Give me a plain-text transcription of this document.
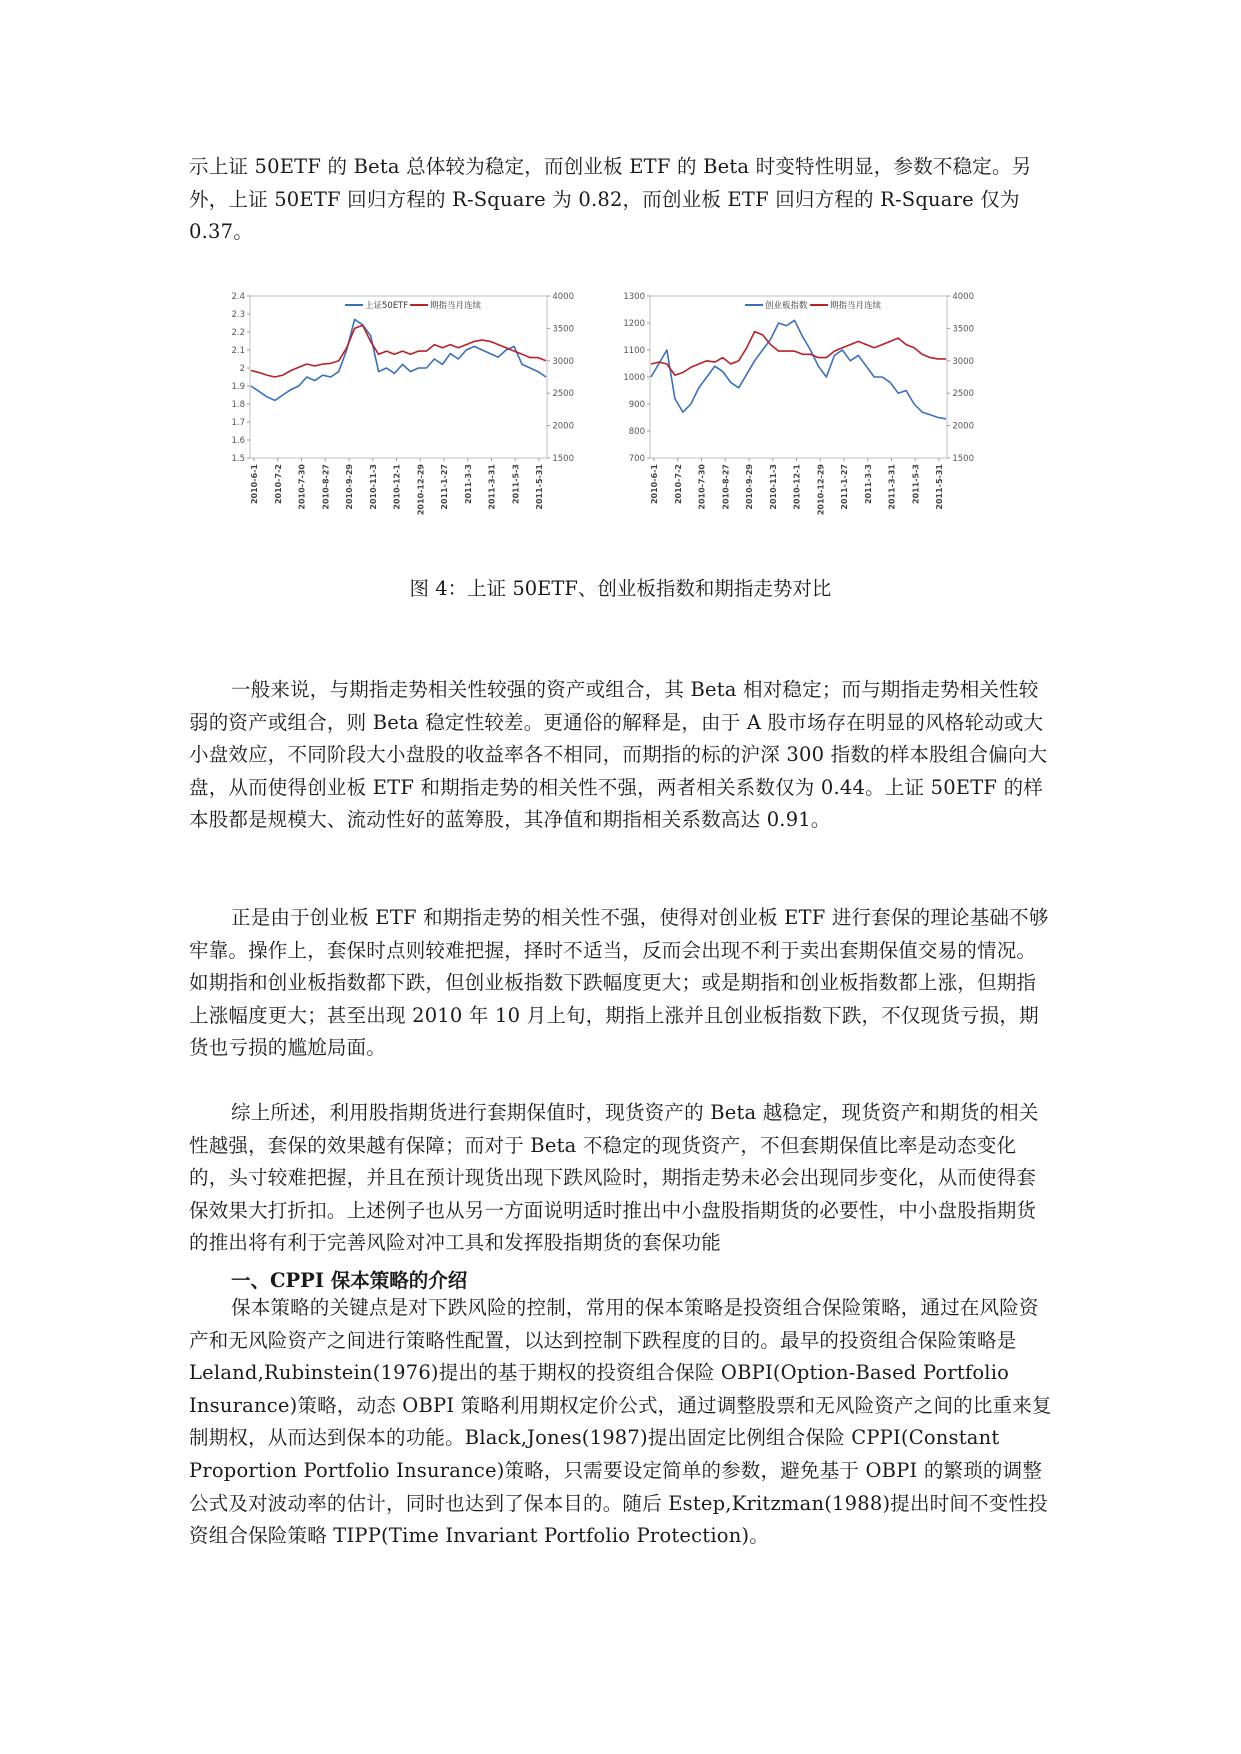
示上证 50ETF 的 Beta 总体较为稳定，而创业板 ETF 的 Beta 时变特性明显，参数不稳定。另外，上证 50ETF 回归方程的 R-Square 为 0.82，而创业板 ETF 回归方程的 R-Square 仅为 0.37。

2.4
2.3
2.2
2.1
2
1.9
1.8
1.7
1.6
1.5
4000
3500
3000
2500
2000
1500
2010-6-1 2010-7-2 2010-7-30 2010-8-27 2010-9-29 2010-11-3 2010-12-1 2010-12-29 2011-1-27 2011-3-3 2011-3-31 2011-5-3 2011-5-31
上证50ETF	期指当月连续
1300
1200
1100
1000
900
800
700
4000
3500
3000
2500
2000
1500
2010-6-1 2010-7-2 2010-7-30 2010-8-27 2010-9-29 2010-11-3 2010-12-1 2010-12-29 2011-1-27 2011-3-3 2011-3-31 2011-5-3 2011-5-31
创业板指数	期指当月连续
图 4：上证 50ETF、创业板指数和期指走势对比

一般来说，与期指走势相关性较强的资产或组合，其 Beta 相对稳定；而与期指走势相关性较弱的资产或组合，则 Beta 稳定性较差。更通俗的解释是，由于 A 股市场存在明显的风格轮动或大小盘效应，不同阶段大小盘股的收益率各不相同，而期指的标的沪深 300 指数的样本股组合偏向大盘，从而使得创业板 ETF 和期指走势的相关性不强，两者相关系数仅为 0.44。上证 50ETF 的样本股都是规模大、流动性好的蓝筹股，其净值和期指相关系数高达 0.91。

正是由于创业板 ETF 和期指走势的相关性不强，使得对创业板 ETF 进行套保的理论基础不够牢靠。操作上，套保时点则较难把握，择时不适当，反而会出现不利于卖出套期保值交易的情况。如期指和创业板指数都下跌，但创业板指数下跌幅度更大；或是期指和创业板指数都上涨，但期指上涨幅度更大；甚至出现 2010 年 10 月上旬，期指上涨并且创业板指数下跌，不仅现货亏损，期货也亏损的尴尬局面。

综上所述，利用股指期货进行套期保值时，现货资产的 Beta 越稳定，现货资产和期货的相关性越强，套保的效果越有保障；而对于 Beta 不稳定的现货资产，不但套期保值比率是动态变化的，头寸较难把握，并且在预计现货出现下跌风险时，期指走势未必会出现同步变化，从而使得套保效果大打折扣。上述例子也从另一方面说明适时推出中小盘股指期货的必要性，中小盘股指期货的推出将有利于完善风险对冲工具和发挥股指期货的套保功能

一、CPPI 保本策略的介绍

保本策略的关键点是对下跌风险的控制，常用的保本策略是投资组合保险策略，通过在风险资产和无风险资产之间进行策略性配置，以达到控制下跌程度的目的。最早的投资组合保险策略是 Leland,Rubinstein(1976)提出的基于期权的投资组合保险 OBPI(Option-Based Portfolio Insurance)策略，动态 OBPI 策略利用期权定价公式，通过调整股票和无风险资产之间的比重来复制期权，从而达到保本的功能。Black,Jones(1987)提出固定比例组合保险 CPPI(Constant Proportion Portfolio Insurance)策略，只需要设定简单的参数，避免基于 OBPI 的繁琐的调整公式及对波动率的估计，同时也达到了保本目的。随后 Estep,Kritzman(1988)提出时间不变性投资组合保险策略 TIPP(Time Invariant Portfolio Protection)。
